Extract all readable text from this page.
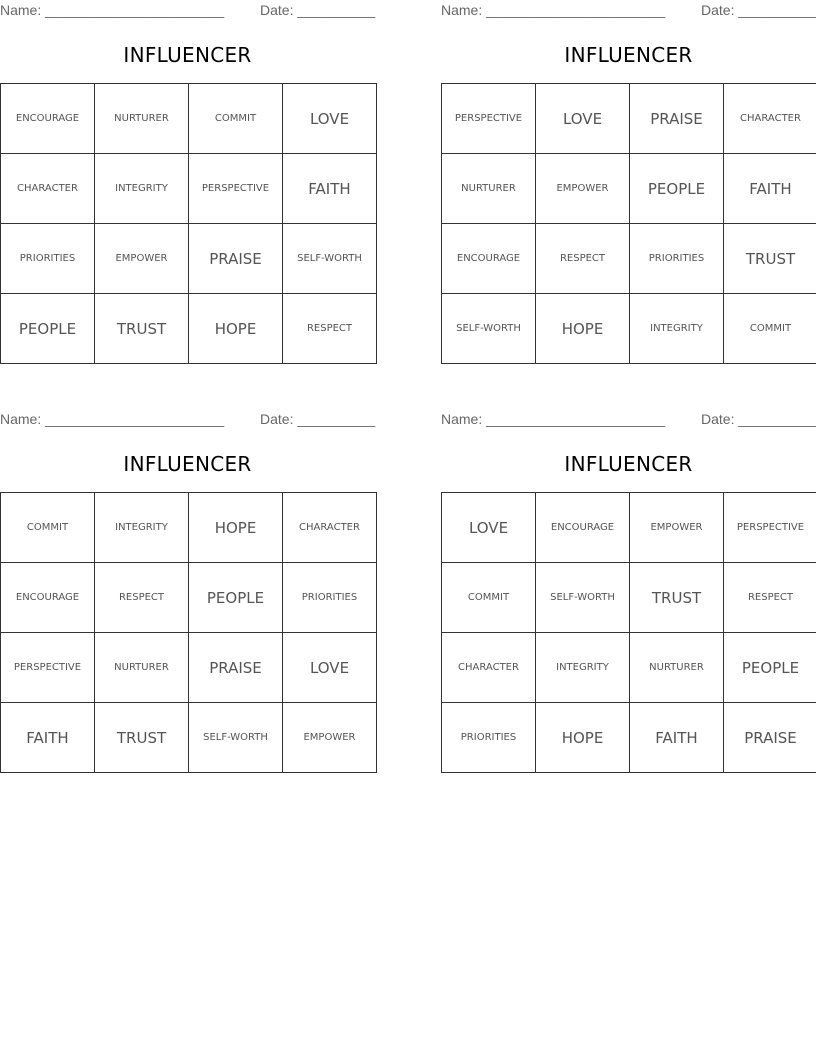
Name: _______________________	Date: __________
INFLUENCER
ENCOURAGE	NURTURER	COMMIT	LOVE
CHARACTER	INTEGRITY	PERSPECTIVE	FAITH
PRIORITIES	EMPOWER	PRAISE	SELF-WORTH
PEOPLE	TRUST	HOPE	RESPECT
Name: _______________________	Date: __________
INFLUENCER
PERSPECTIVE	LOVE	PRAISE	CHARACTER
NURTURER	EMPOWER	PEOPLE	FAITH
ENCOURAGE	RESPECT	PRIORITIES	TRUST
SELF-WORTH	HOPE	INTEGRITY	COMMIT
Name: _______________________	Date: __________
INFLUENCER
COMMIT	INTEGRITY	HOPE	CHARACTER
ENCOURAGE	RESPECT	PEOPLE	PRIORITIES
PERSPECTIVE	NURTURER	PRAISE	LOVE
FAITH	TRUST	SELF-WORTH	EMPOWER
Name: _______________________	Date: __________
INFLUENCER
LOVE	ENCOURAGE	EMPOWER	PERSPECTIVE
COMMIT	SELF-WORTH	TRUST	RESPECT
CHARACTER	INTEGRITY	NURTURER	PEOPLE
PRIORITIES	HOPE	FAITH	PRAISE
